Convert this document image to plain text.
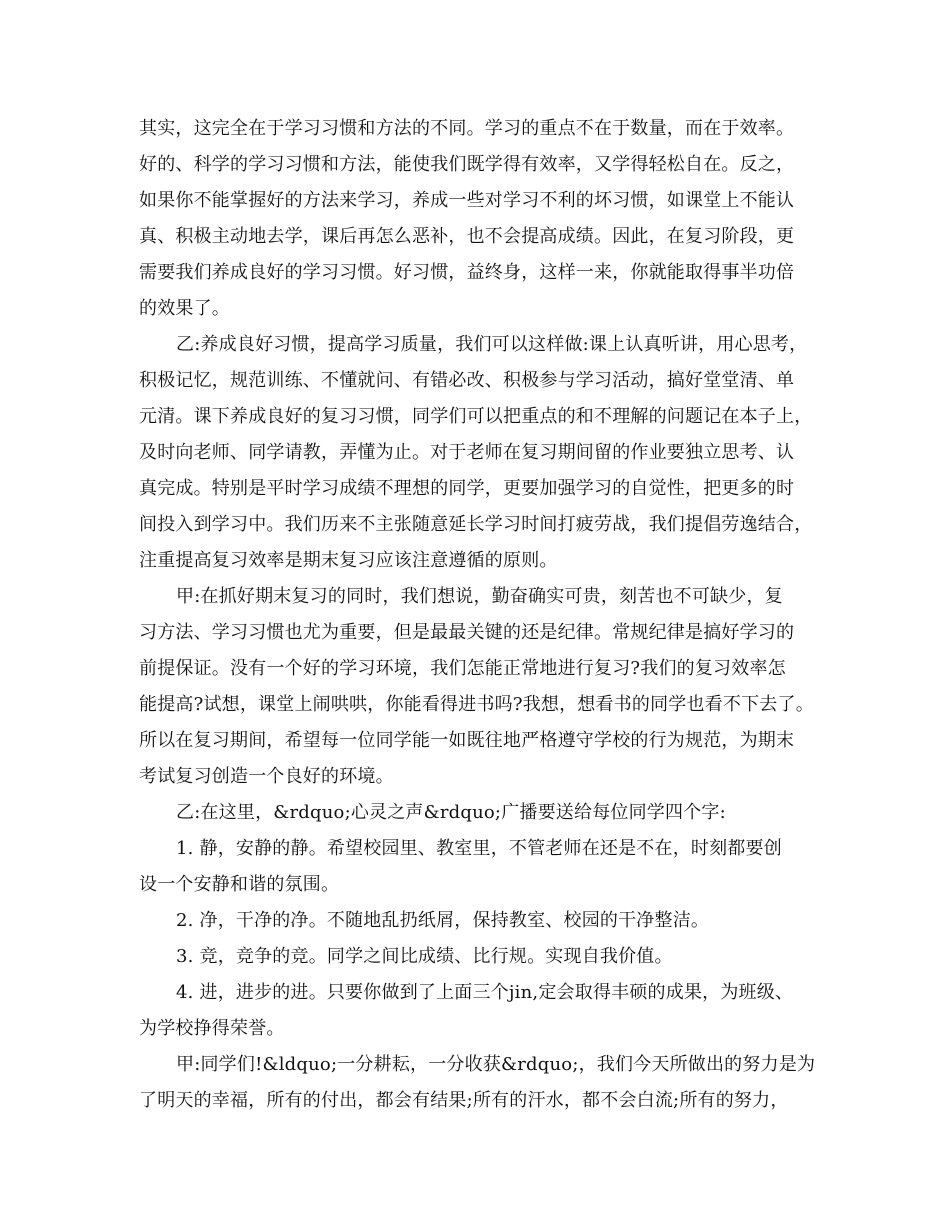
其实，这完全在于学习习惯和方法的不同。学习的重点不在于数量，而在于效率。
好的、科学的学习习惯和方法，能使我们既学得有效率，又学得轻松自在。反之，
如果你不能掌握好的方法来学习，养成一些对学习不利的坏习惯，如课堂上不能认
真、积极主动地去学，课后再怎么恶补，也不会提高成绩。因此，在复习阶段，更
需要我们养成良好的学习习惯。好习惯，益终身，这样一来，你就能取得事半功倍
的效果了。
乙:养成良好习惯，提高学习质量，我们可以这样做:课上认真听讲，用心思考，
积极记忆，规范训练、不懂就问、有错必改、积极参与学习活动，搞好堂堂清、单
元清。课下养成良好的复习习惯，同学们可以把重点的和不理解的问题记在本子上，
及时向老师、同学请教，弄懂为止。对于老师在复习期间留的作业要独立思考、认
真完成。特别是平时学习成绩不理想的同学，更要加强学习的自觉性，把更多的时
间投入到学习中。我们历来不主张随意延长学习时间打疲劳战，我们提倡劳逸结合，
注重提高复习效率是期末复习应该注意遵循的原则。
甲:在抓好期末复习的同时，我们想说，勤奋确实可贵，刻苦也不可缺少，复
习方法、学习习惯也尤为重要，但是最最关键的还是纪律。常规纪律是搞好学习的
前提保证。没有一个好的学习环境，我们怎能正常地进行复习?我们的复习效率怎
能提高?试想，课堂上闹哄哄，你能看得进书吗?我想，想看书的同学也看不下去了。
所以在复习期间，希望每一位同学能一如既往地严格遵守学校的行为规范，为期末
考试复习创造一个良好的环境。
乙:在这里，&rdquo;心灵之声&rdquo;广播要送给每位同学四个字:
1. 静，安静的静。希望校园里、教室里，不管老师在还是不在，时刻都要创
设一个安静和谐的氛围。
2. 净，干净的净。不随地乱扔纸屑，保持教室、校园的干净整洁。
3. 竞，竞争的竞。同学之间比成绩、比行规。实现自我价值。
4. 进，进步的进。只要你做到了上面三个jin,定会取得丰硕的成果，为班级、
为学校挣得荣誉。
甲:同学们!&ldquo;一分耕耘，一分收获&rdquo;，我们今天所做出的努力是为
了明天的幸福，所有的付出，都会有结果;所有的汗水，都不会白流;所有的努力，
